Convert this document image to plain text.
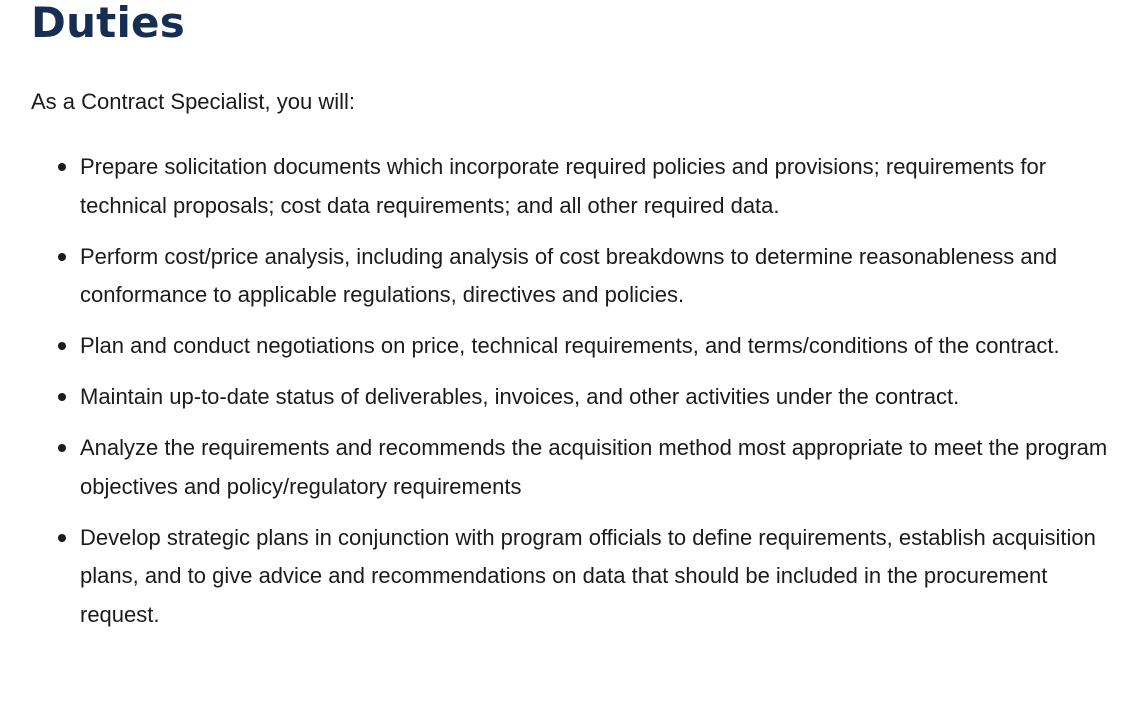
Duties

As a Contract Specialist, you will:

Prepare solicitation documents which incorporate required policies and provisions; requirements for technical proposals; cost data requirements; and all other required data.
Perform cost/price analysis, including analysis of cost breakdowns to determine reasonableness and conformance to applicable regulations, directives and policies.
Plan and conduct negotiations on price, technical requirements, and terms/conditions of the contract.
Maintain up-to-date status of deliverables, invoices, and other activities under the contract.
Analyze the requirements and recommends the acquisition method most appropriate to meet the program objectives and policy/regulatory requirements
Develop strategic plans in conjunction with program officials to define requirements, establish acquisition plans, and to give advice and recommendations on data that should be included in the procurement request.
